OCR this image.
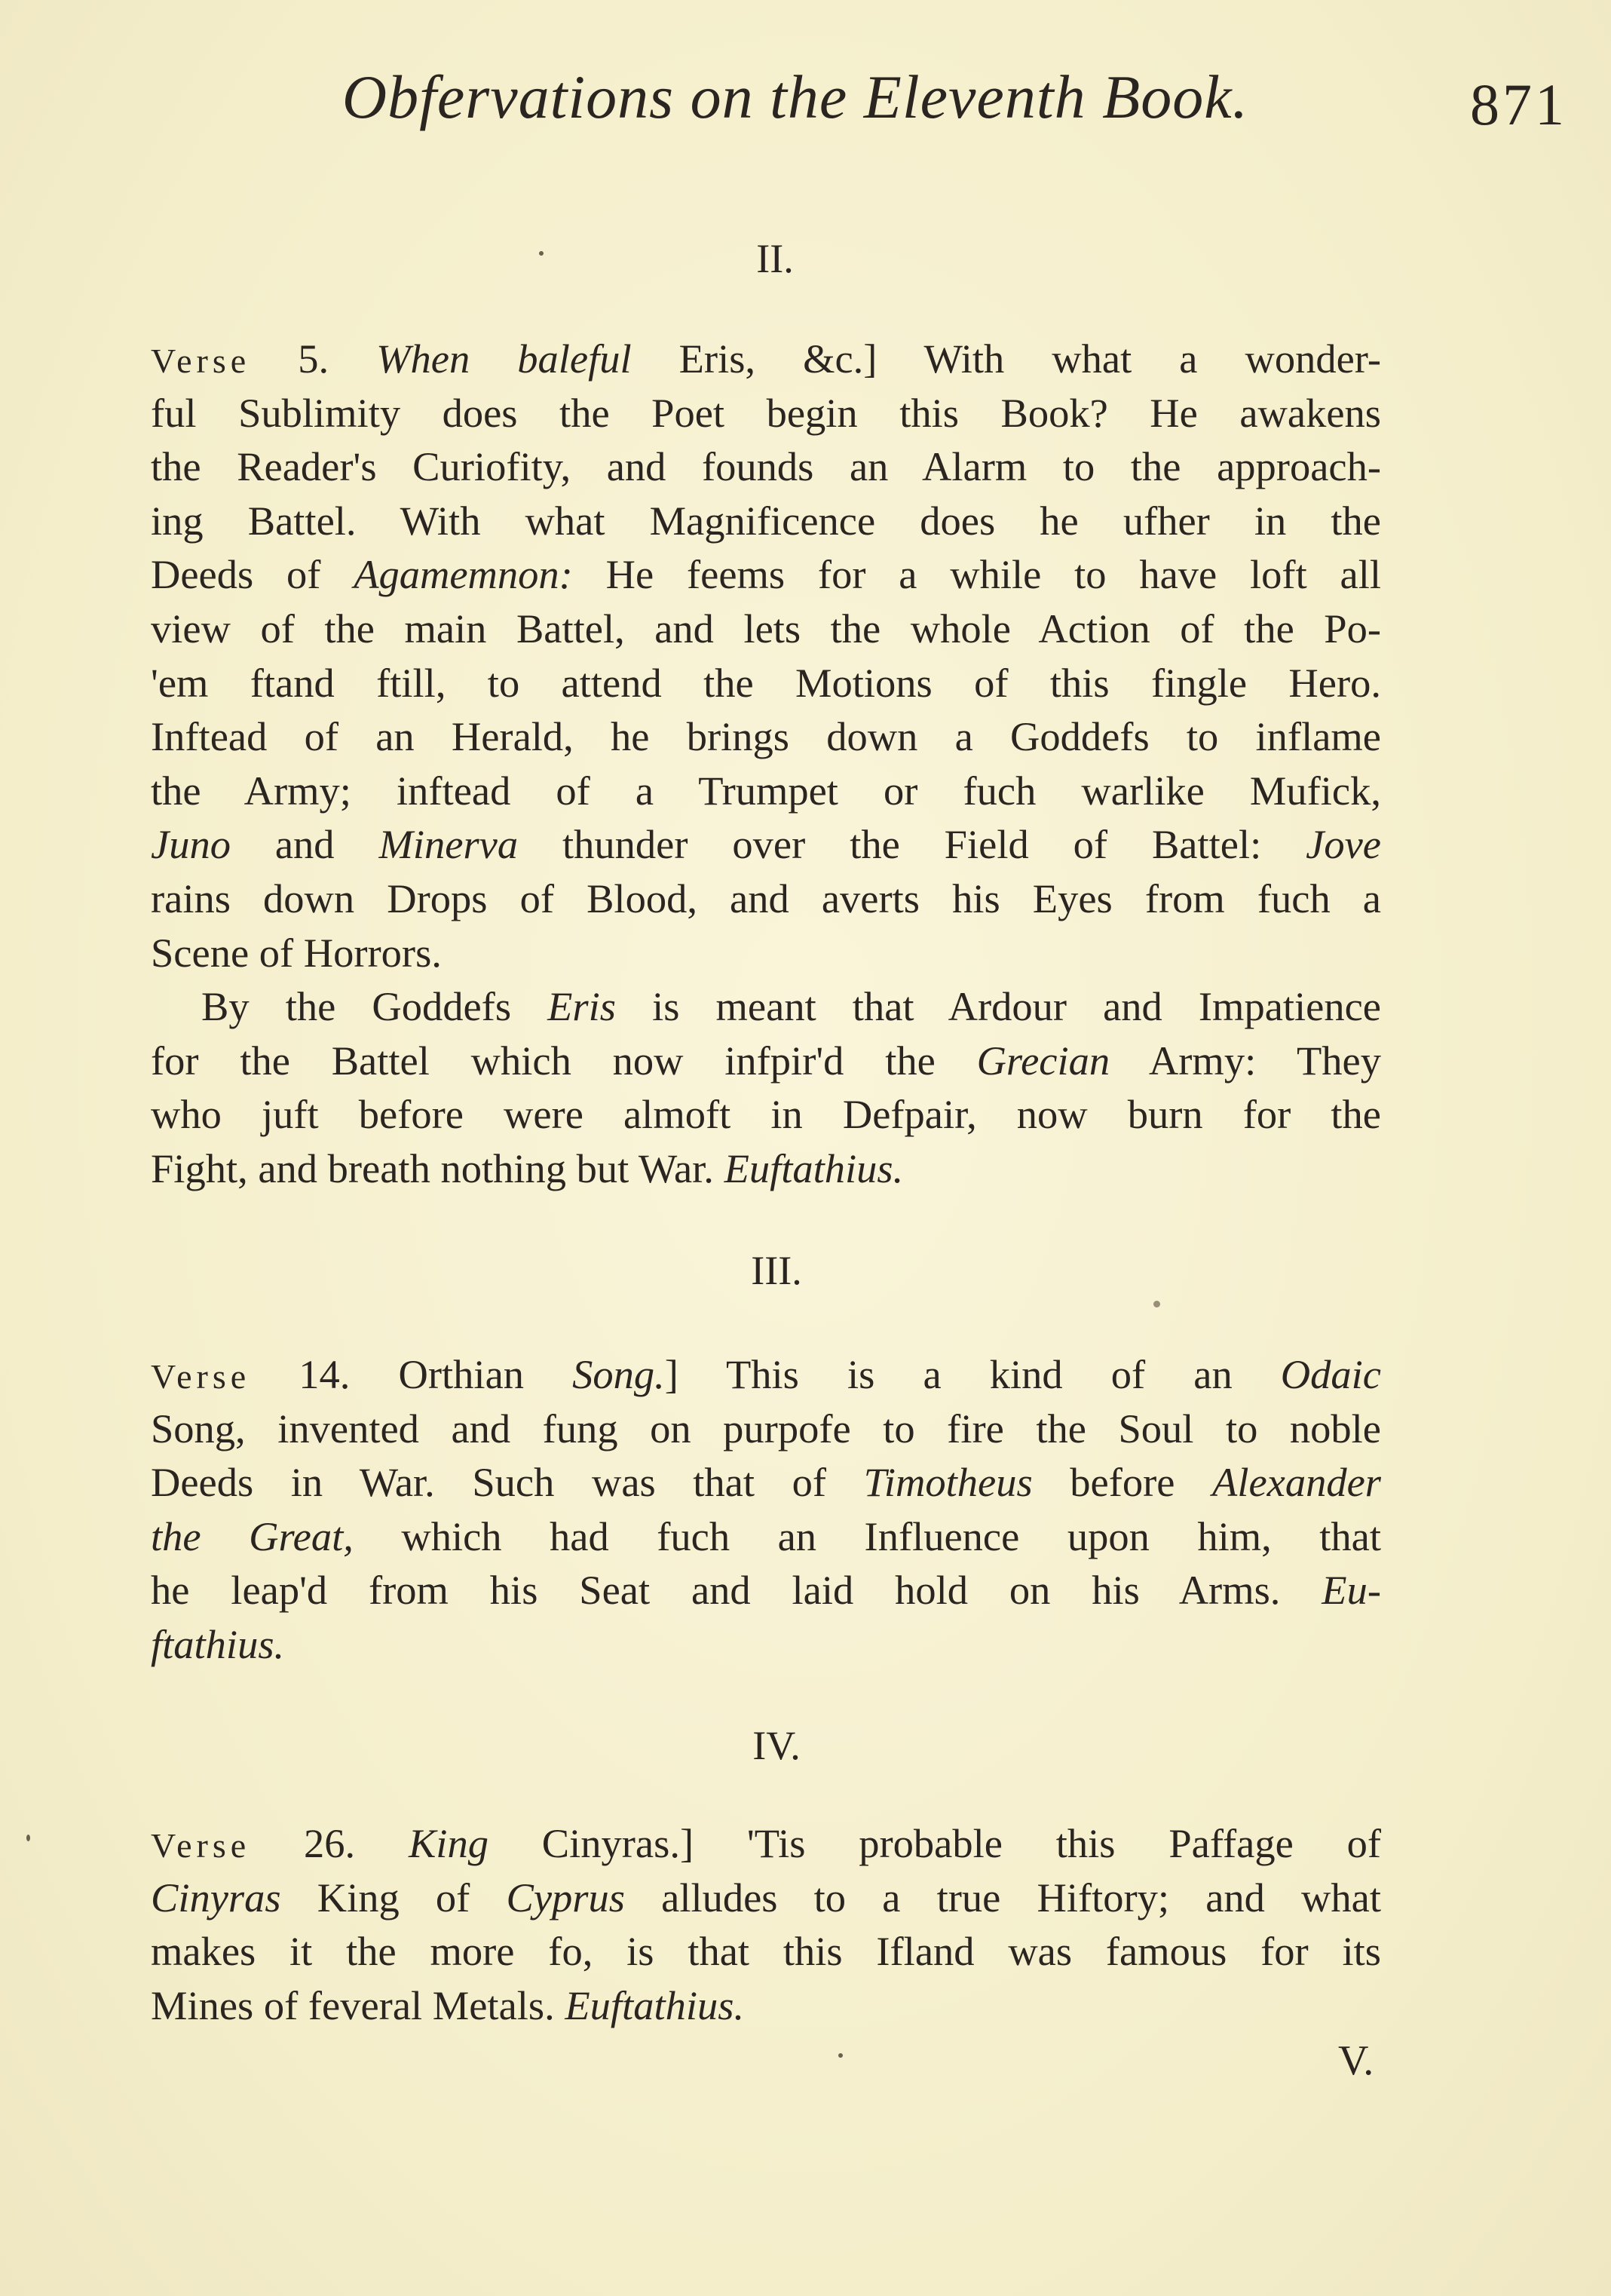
Obfervations on the Eleventh Book.	871
II.
Verse 5. When baleful Eris, &c.] With what a wonder-
ful Sublimity does the Poet begin this Book? He awakens
the Reader's Curiofity, and founds an Alarm to the approach-
ing Battel. With what Magnificence does he ufher in the
Deeds of Agamemnon: He feems for a while to have loft all
view of the main Battel, and lets the whole Action of the Po-
'em ftand ftill, to attend the Motions of this fingle Hero.
Inftead of an Herald, he brings down a Goddefs to inflame
the Army; inftead of a Trumpet or fuch warlike Mufick,
Juno and Minerva thunder over the Field of Battel: Jove
rains down Drops of Blood, and averts his Eyes from fuch a
Scene of Horrors.
By the Goddefs Eris is meant that Ardour and Impatience
for the Battel which now infpir'd the Grecian Army: They
who juft before were almoft in Defpair, now burn for the
Fight, and breath nothing but War. Euftathius.
III.
Verse 14. Orthian Song.] This is a kind of an Odaic
Song, invented and fung on purpofe to fire the Soul to noble
Deeds in War. Such was that of Timotheus before Alexander
the Great, which had fuch an Influence upon him, that
he leap'd from his Seat and laid hold on his Arms. Eu-
ftathius.
IV.
Verse 26. King Cinyras.] 'Tis probable this Paffage of
Cinyras King of Cyprus alludes to a true Hiftory; and what
makes it the more fo, is that this Ifland was famous for its
Mines of feveral Metals. Euftathius.
V.
